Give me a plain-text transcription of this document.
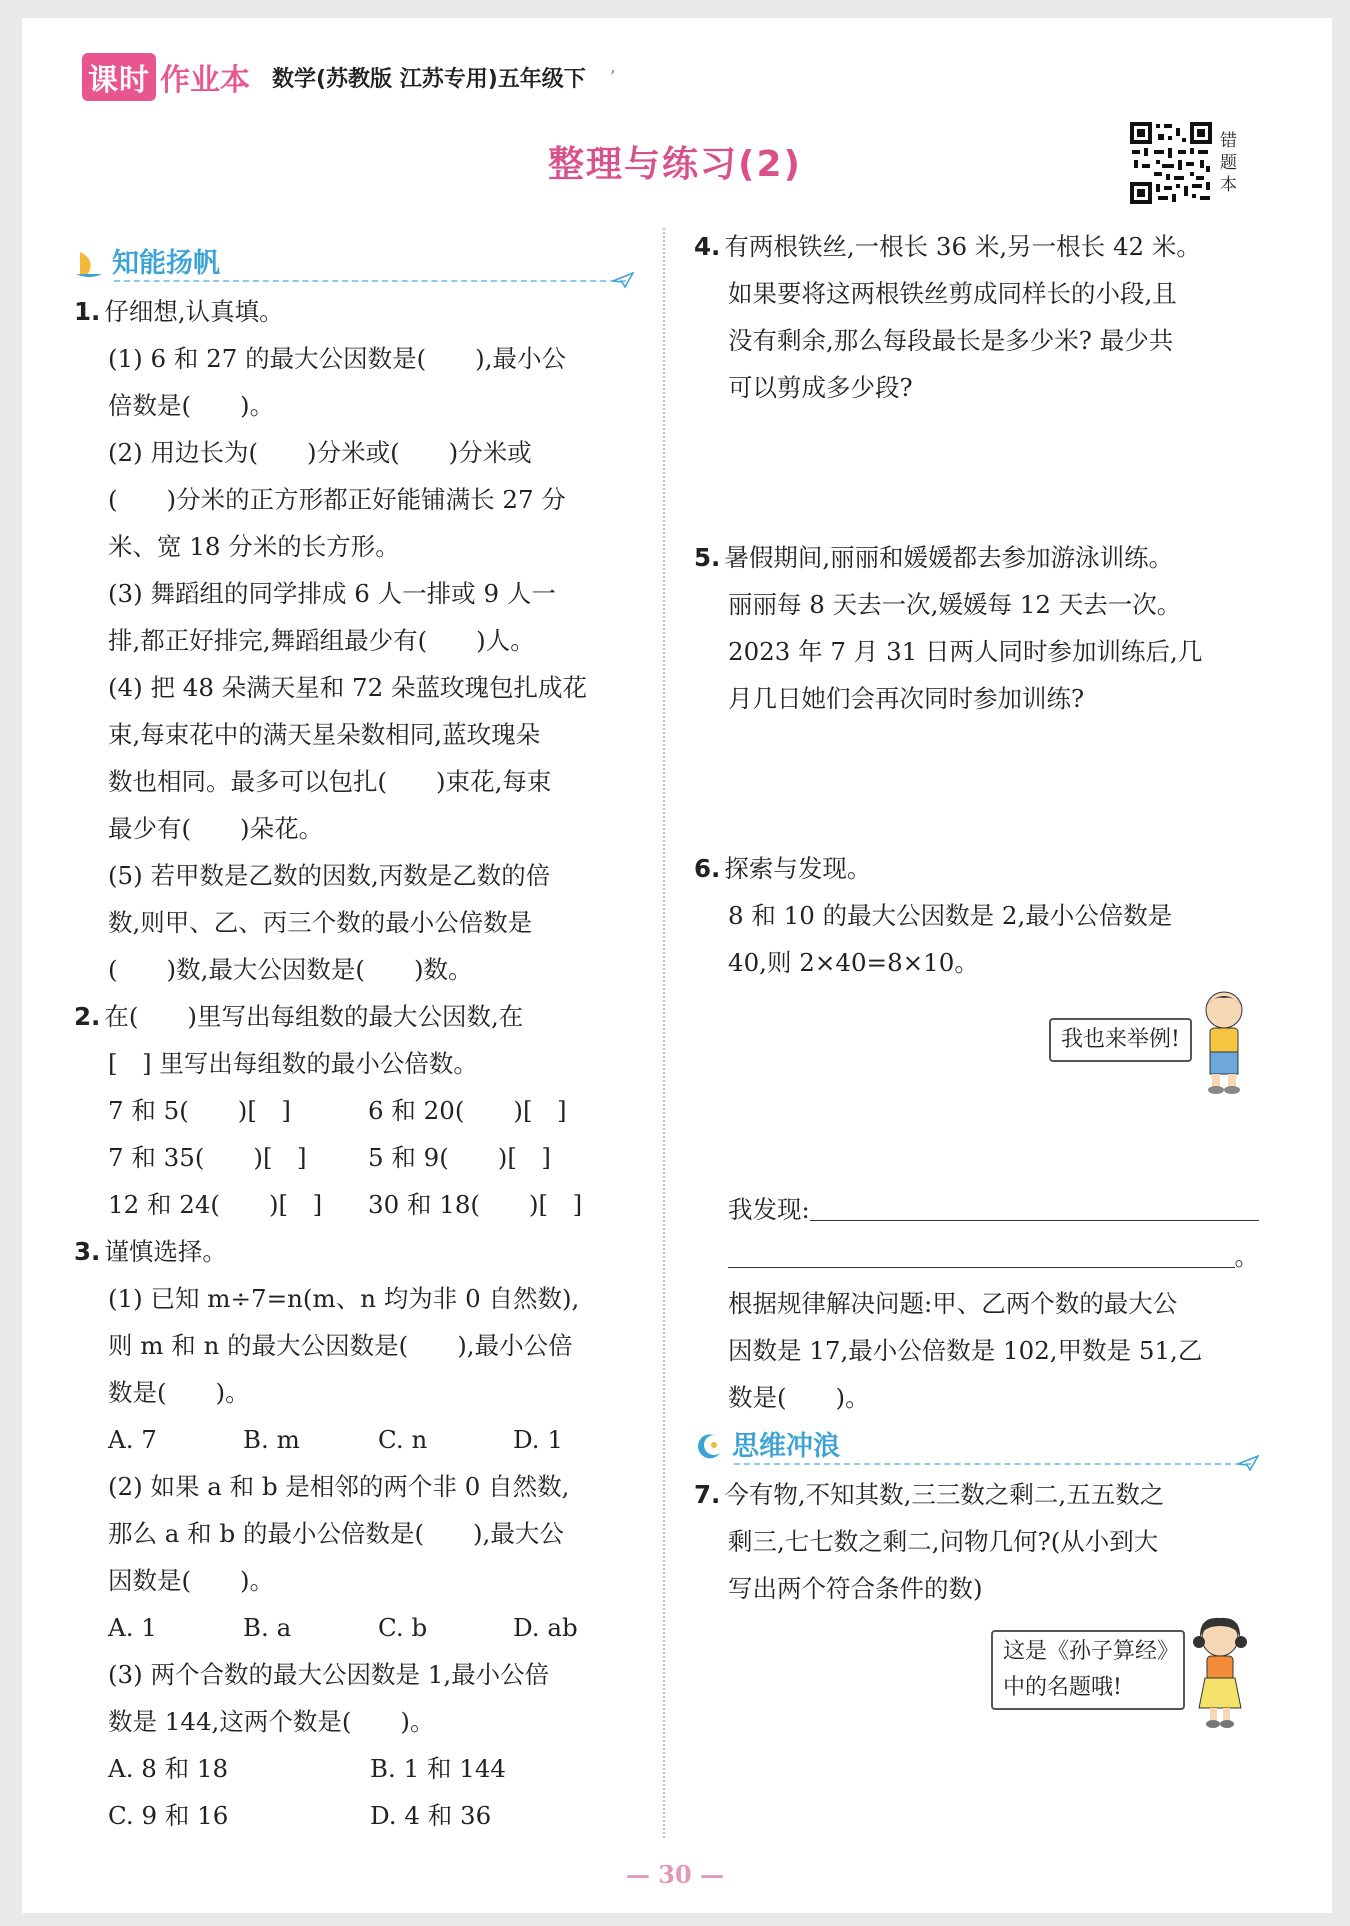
课时 作业本 数学(苏教版 江苏专用)五年级下 ’
整理与练习(2)
错题本
知能扬帆
1. 仔细想,认真填。
(1) 6 和 27 的最大公因数是(　　),最小公
倍数是(　　)。
(2) 用边长为(　　)分米或(　　)分米或
(　　)分米的正方形都正好能铺满长 27 分
米、宽 18 分米的长方形。
(3) 舞蹈组的同学排成 6 人一排或 9 人一
排,都正好排完,舞蹈组最少有(　　)人。
(4) 把 48 朵满天星和 72 朵蓝玫瑰包扎成花
束,每束花中的满天星朵数相同,蓝玫瑰朵
数也相同。最多可以包扎(　　)束花,每束
最少有(　　)朵花。
(5) 若甲数是乙数的因数,丙数是乙数的倍
数,则甲、乙、丙三个数的最小公倍数是
(　　)数,最大公因数是(　　)数。
2. 在(　　)里写出每组数的最大公因数,在
[　] 里写出每组数的最小公倍数。
7 和 5(　　)[　]	6 和 20(　　)[　]
7 和 35(　　)[　]	5 和 9(　　)[　]
12 和 24(　　)[　]	30 和 18(　　)[　]
3. 谨慎选择。
(1) 已知 m÷7=n(m、n 均为非 0 自然数),
则 m 和 n 的最大公因数是(　　),最小公倍
数是(　　)。
A. 7	B. m	C. n	D. 1
(2) 如果 a 和 b 是相邻的两个非 0 自然数,
那么 a 和 b 的最小公倍数是(　　),最大公
因数是(　　)。
A. 1	B. a	C. b	D. ab
(3) 两个合数的最大公因数是 1,最小公倍
数是 144,这两个数是(　　)。
A. 8 和 18	B. 1 和 144
C. 9 和 16	D. 4 和 36
4. 有两根铁丝,一根长 36 米,另一根长 42 米。
如果要将这两根铁丝剪成同样长的小段,且
没有剩余,那么每段最长是多少米? 最少共
可以剪成多少段?
5. 暑假期间,丽丽和媛媛都去参加游泳训练。
丽丽每 8 天去一次,媛媛每 12 天去一次。
2023 年 7 月 31 日两人同时参加训练后,几
月几日她们会再次同时参加训练?
6. 探索与发现。
8 和 10 的最大公因数是 2,最小公倍数是
40,则 2×40=8×10。
我也来举例!
我发现:
。
根据规律解决问题:甲、乙两个数的最大公
因数是 17,最小公倍数是 102,甲数是 51,乙
数是(　　)。
思维冲浪
7. 今有物,不知其数,三三数之剩二,五五数之
剩三,七七数之剩二,问物几何?(从小到大
写出两个符合条件的数)
这是《孙子算经》
中的名题哦!
— 30 —
